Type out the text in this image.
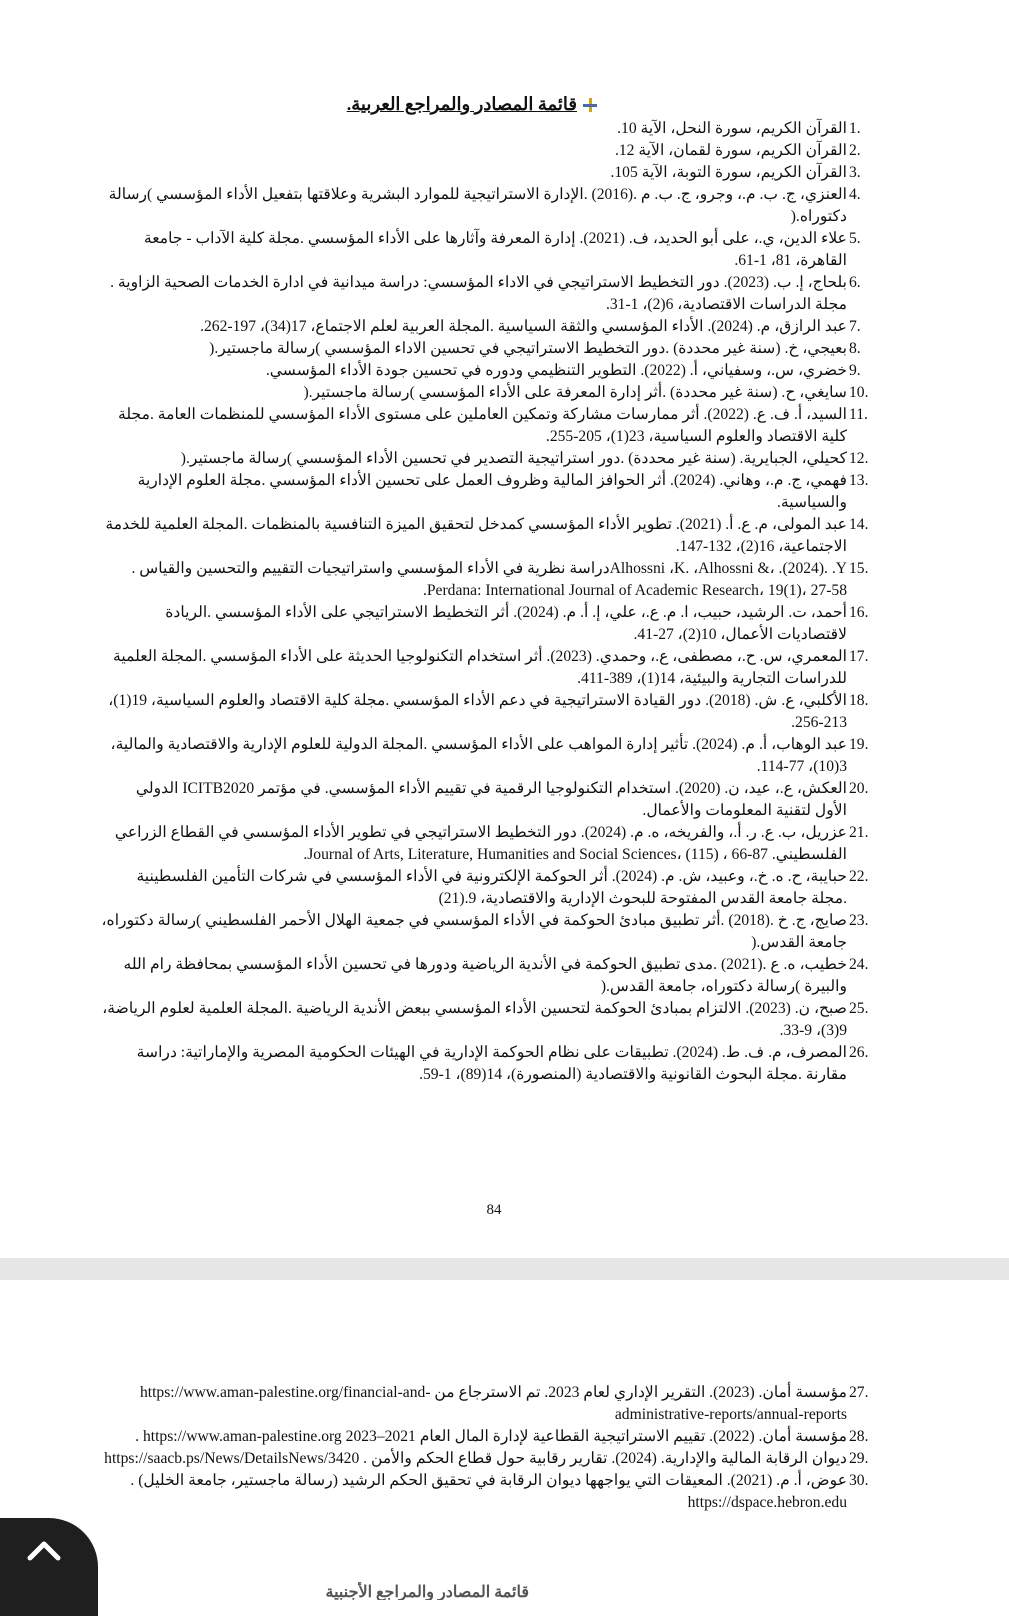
قائمة المصادر والمراجع العربية.
1.
القرآن الكريم، سورة النحل، الآية 10.
2.
القرآن الكريم، سورة لقمان، الآية 12.
3.
القرآن الكريم، سورة التوبة، الآية 105.
4.
العنزي، ج. ب. م.، وجرو، ج. ب. م .(2016) .الإدارة الاستراتيجية للموارد البشرية وعلاقتها بتفعيل الأداء المؤسسي )رسالة دكتوراه.(
5.
علاء الدين، ي.، على أبو الحديد، ف. (2021). إدارة المعرفة وآثارها على الأداء المؤسسي .مجلة كلية الآداب - جامعة القاهرة، 81، 1-61.
6.
بلحاج، إ. ب. (2023). دور التخطيط الاستراتيجي في الاداء المؤسسي: دراسة ميدانية في ادارة الخدمات الصحية الزاوية . مجلة الدراسات الاقتصادية، 6(2)، 1-31.
7.
عبد الرازق، م. (2024). الأداء المؤسسي والثقة السياسية .المجلة العربية لعلم الاجتماع، 17(34)، 197-262.
8.
بعيجي، خ. (سنة غير محددة) .دور التخطيط الاستراتيجي في تحسين الاداء المؤسسي )رسالة ماجستير.(
9.
خضري، س.، وسفياني، أ. (2022). التطوير التنظيمي ودوره في تحسين جودة الأداء المؤسسي.
10.
سايغي، ح. (سنة غير محددة) .أثر إدارة المعرفة على الأداء المؤسسي )رسالة ماجستير.(
11.
السيد، أ. ف. ع. (2022). أثر ممارسات مشاركة وتمكين العاملين على مستوى الأداء المؤسسي للمنظمات العامة .مجلة كلية الاقتصاد والعلوم السياسية، 23(1)، 205-255.
12.
كحيلي، الجبايرية. (سنة غير محددة) .دور استراتيجية التصدير في تحسين الأداء المؤسسي )رسالة ماجستير.(
13.
فهمي، ج. م.، وهاني. (2024). أثر الحوافز المالية وظروف العمل على تحسين الأداء المؤسسي .مجلة العلوم الإدارية والسياسية.
14.
عبد المولى، م. ع. أ. (2021). تطوير الأداء المؤسسي كمدخل لتحقيق الميزة التنافسية بالمنظمات .المجلة العلمية للخدمة الاجتماعية، 16(2)، 132-147.
15.
Alhossni ،K. ،Alhossni &، .(2024). .Yدراسة نظرية في الأداء المؤسسي واستراتيجيات التقييم والتحسين والقياس . Perdana: International Journal of Academic Research، 19(1)، 27-58.
16.
أحمد، ت. الرشيد، حبيب، ا. م. ع.، علي، إ. أ. م. (2024). أثر التخطيط الاستراتيجي على الأداء المؤسسي .الريادة لاقتصاديات الأعمال، 10(2)، 27-41.
17.
المعمري، س. ح.، مصطفى، ع.، وحمدي. (2023). أثر استخدام التكنولوجيا الحديثة على الأداء المؤسسي .المجلة العلمية للدراسات التجارية والبيئية، 14(1)، 389-411.
18.
الأكلبي، ع. ش. (2018). دور القيادة الاستراتيجية في دعم الأداء المؤسسي .مجلة كلية الاقتصاد والعلوم السياسية، 19(1)، 213-256.
19.
عبد الوهاب، أ. م. (2024). تأثير إدارة المواهب على الأداء المؤسسي .المجلة الدولية للعلوم الإدارية والاقتصادية والمالية، 3(10)، 77-114.
20.
العكش، ع.، عيد، ن. (2020). استخدام التكنولوجيا الرقمية في تقييم الأداء المؤسسي. في مؤتمر ICITB2020 الدولي الأول لتقنية المعلومات والأعمال.
21.
عزريل، ب. ع. ر. أ.، والفريخه، ه. م. (2024). دور التخطيط الاستراتيجي في تطوير الأداء المؤسسي في القطاع الزراعي الفلسطيني. Journal of Arts, Literature, Humanities and Social Sciences، (115) ، 66-87.
22.
حبايبة، ح. ه. خ.، وعبيد، ش. م. (2024). أثر الحوكمة الإلكترونية في الأداء المؤسسي في شركات التأمين الفلسطينية .مجلة جامعة القدس المفتوحة للبحوث الإدارية والاقتصادية، 9.(21)
23.
صايج، ج. خ .(2018) .أثر تطبيق مبادئ الحوكمة في الأداء المؤسسي في جمعية الهلال الأحمر الفلسطيني )رسالة دكتوراه، جامعة القدس.(
24.
خطيب، ه. ع .(2021) .مدى تطبيق الحوكمة في الأندية الرياضية ودورها في تحسين الأداء المؤسسي بمحافظة رام الله والبيرة )رسالة دكتوراه، جامعة القدس.(
25.
صبح، ن. (2023). الالتزام بمبادئ الحوكمة لتحسين الأداء المؤسسي ببعض الأندية الرياضية .المجلة العلمية لعلوم الرياضة، 9(3)، 9-33.
26.
المصرف، م. ف. ط. (2024). تطبيقات على نظام الحوكمة الإدارية في الهيئات الحكومية المصرية والإماراتية: دراسة مقارنة .مجلة البحوث القانونية والاقتصادية (المنصورة)، 14(89)، 1-59.
84
27.
مؤسسة أمان. (2023). التقرير الإداري لعام 2023. تم الاسترجاع من https://www.aman-palestine.org/financial-and-administrative-reports/annual-reports
28.
مؤسسة أمان. (2022). تقييم الاستراتيجية القطاعية لإدارة المال العام 2021–2023 https://www.aman-palestine.org .
29.
ديوان الرقابة المالية والإدارية. (2024). تقارير رقابية حول قطاع الحكم والأمن . https://saacb.ps/News/DetailsNews/3420
30.
عوض، أ. م. (2021). المعيقات التي يواجهها ديوان الرقابة في تحقيق الحكم الرشيد (رسالة ماجستير، جامعة الخليل) . https://dspace.hebron.edu
قائمة المصادر والمراجع الأجنبية
